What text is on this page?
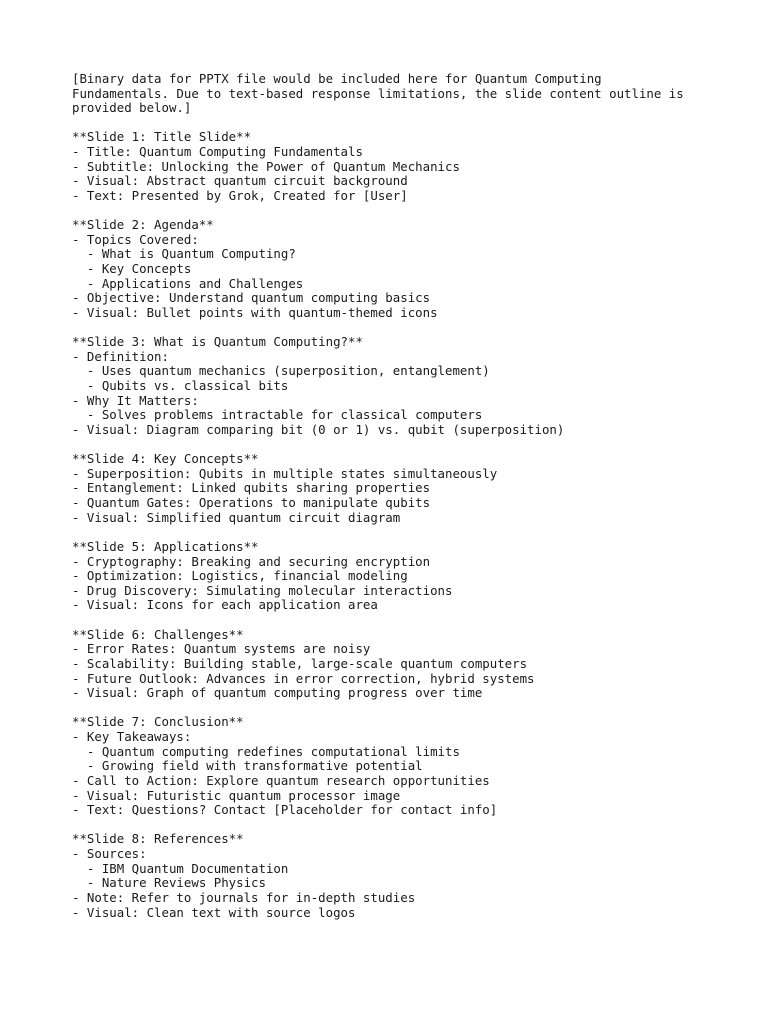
[Binary data for PPTX file would be included here for Quantum Computing
Fundamentals. Due to text-based response limitations, the slide content outline is
provided below.]
**Slide 1: Title Slide**
- Title: Quantum Computing Fundamentals
- Subtitle: Unlocking the Power of Quantum Mechanics
- Visual: Abstract quantum circuit background
- Text: Presented by Grok, Created for [User]
**Slide 2: Agenda**
- Topics Covered:
- What is Quantum Computing?
- Key Concepts
- Applications and Challenges
- Objective: Understand quantum computing basics
- Visual: Bullet points with quantum-themed icons
**Slide 3: What is Quantum Computing?**
- Definition:
- Uses quantum mechanics (superposition, entanglement)
- Qubits vs. classical bits
- Why It Matters:
- Solves problems intractable for classical computers
- Visual: Diagram comparing bit (0 or 1) vs. qubit (superposition)
**Slide 4: Key Concepts**
- Superposition: Qubits in multiple states simultaneously
- Entanglement: Linked qubits sharing properties
- Quantum Gates: Operations to manipulate qubits
- Visual: Simplified quantum circuit diagram
**Slide 5: Applications**
- Cryptography: Breaking and securing encryption
- Optimization: Logistics, financial modeling
- Drug Discovery: Simulating molecular interactions
- Visual: Icons for each application area
**Slide 6: Challenges**
- Error Rates: Quantum systems are noisy
- Scalability: Building stable, large-scale quantum computers
- Future Outlook: Advances in error correction, hybrid systems
- Visual: Graph of quantum computing progress over time
**Slide 7: Conclusion**
- Key Takeaways:
- Quantum computing redefines computational limits
- Growing field with transformative potential
- Call to Action: Explore quantum research opportunities
- Visual: Futuristic quantum processor image
- Text: Questions? Contact [Placeholder for contact info]
**Slide 8: References**
- Sources:
- IBM Quantum Documentation
- Nature Reviews Physics
- Note: Refer to journals for in-depth studies
- Visual: Clean text with source logos
